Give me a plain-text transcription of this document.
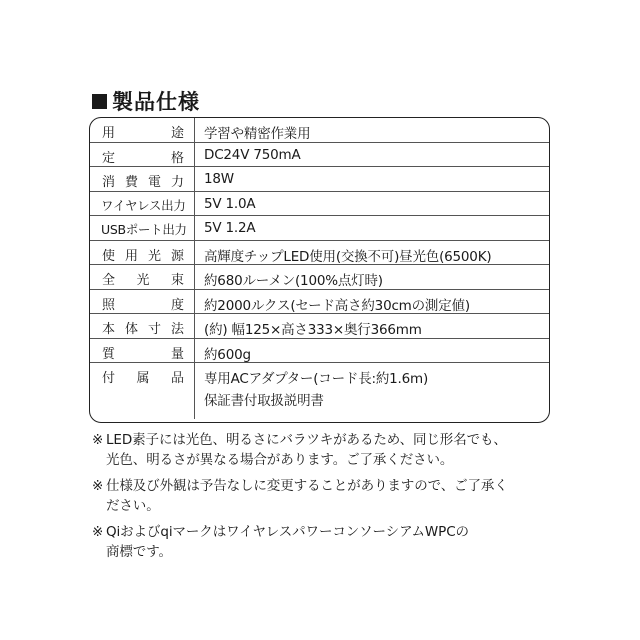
製品仕様
用	途 学習や精密作業用
定	格 DC24V 750mA
消 費 電 力 18W
ワイヤレス出力 5V 1.0A
USBポート出力 5V 1.2A
使 用 光 源 高輝度チップLED使用(交換不可)昼光色(6500K)
全 光 束 約680ルーメン(100%点灯時)
照	度 約2000ルクス(セード高さ約30cmの測定値)
本 体 寸 法 (約) 幅125×高さ333×奥行366mm
質	量 約600g
付 属 品 専用ACアダプター(コード長:約1.6m)
保証書付取扱説明書
※ LED素子には光色、明るさにバラツキがあるため、同じ形名でも、
光色、明るさが異なる場合があります。ご了承ください。
※ 仕様及び外観は予告なしに変更することがありますので、ご了承く
ださい。
※ QiおよびqiマークはワイヤレスパワーコンソーシアムWPCの
商標です。
